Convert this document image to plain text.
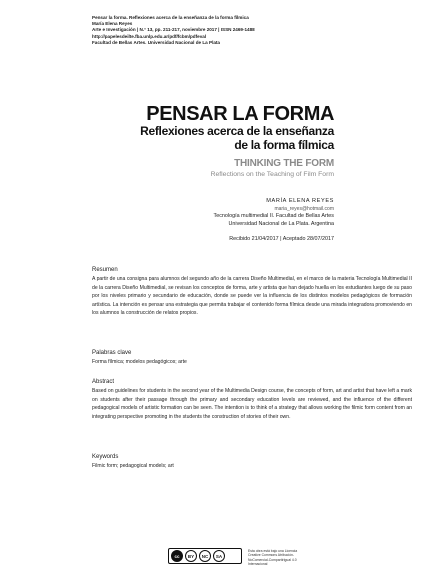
Pensar la forma. Reflexiones acerca de la enseñanza de la forma fílmica
María Elena Reyes
Arte e Investigación | N.° 13, pp. 211-217, noviembre 2017 | ISSN 2469-1488
http://papelesdeilte.fba.unlp.edu.ar/pdf/fcbm/pdfeval
Facultad de Bellas Artes. Universidad Nacional de La Plata
PENSAR LA FORMA
Reflexiones acerca de la enseñanza
de la forma fílmica
THINKING THE FORM
Reflections on the Teaching of Film Form
MARÍA ELENA REYES
maria_reyes@hotmail.com
Tecnología multimedial II. Facultad de Bellas Artes
Universidad Nacional de La Plata. Argentina
Recibido 21/04/2017 | Aceptado 28/07/2017
Resumen
A partir de una consigna para alumnos del segundo año de la carrera Diseño Multimedial, en el marco de la materia Tecnología Multimedial II de la carrera Diseño Multimedial, se revisan los conceptos de forma, arte y artista que han dejado huella en los estudiantes luego de su paso por los niveles primario y secundario de educación, donde se puede ver la influencia de los distintos modelos pedagógicos de formación artística. La intención es pensar una estrategia que permita trabajar el contenido forma fílmica desde una mirada integradora promoviendo en los alumnos la construcción de relatos propios.
Palabras clave
Forma fílmica; modelos pedagógicos; arte
Abstract
Based on guidelines for students in the second year of the Multimedia Design course, the concepts of form, art and artist that have left a mark on students after their passage through the primary and secondary education levels are reviewed, and the influence of the different pedagogical models of artistic formation can be seen. The intention is to think of a strategy that allows working the filmic form content from an integrating perspective promoting in the students the construction of stories of their own.
Keywords
Filmic form; pedagogical models; art
cc	BY	NC	SA
Esta obra está bajo una Licencia
Creative Commons Atribución-
NoComercial-CompartirIgual 4.0
Internacional
